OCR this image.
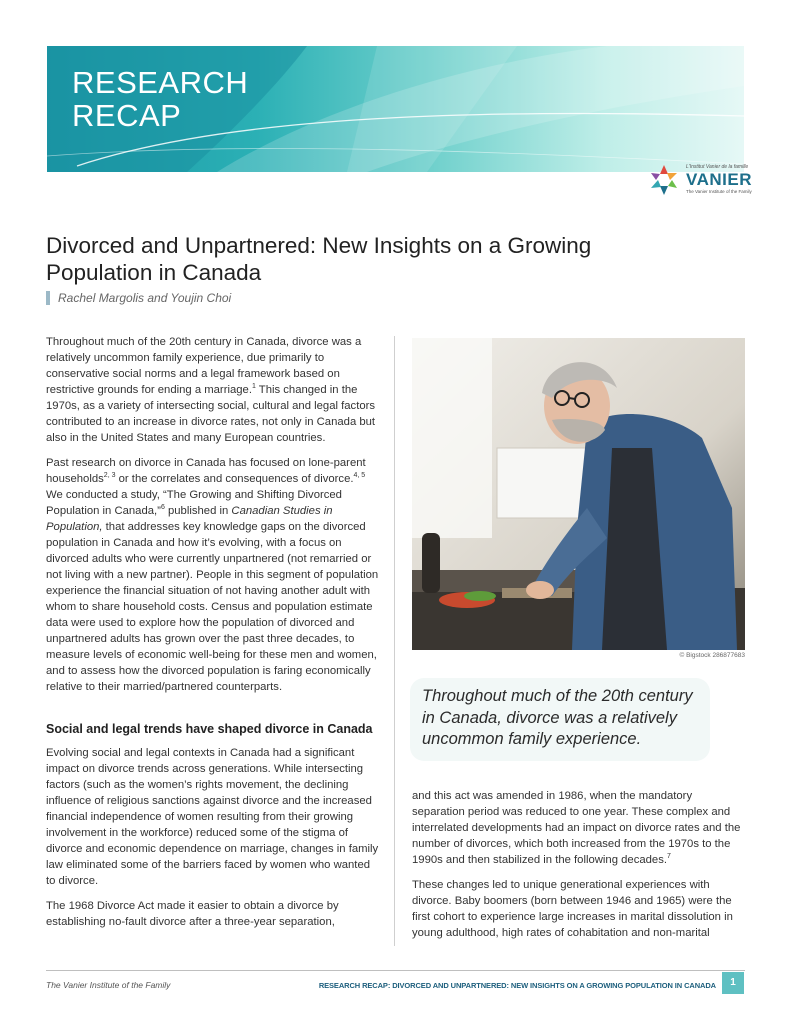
RESEARCH
RECAP
L'Institut Vanier de la famille
VANIER
The Vanier Institute of the Family
Divorced and Unpartnered: New Insights on a Growing Population in Canada
Rachel Margolis and Youjin Choi

Throughout much of the 20th century in Canada, divorce was a relatively uncommon family experience, due primarily to conservative social norms and a legal framework based on restrictive grounds for ending a marriage.$^1$ This changed in the 1970s, as a variety of intersecting social, cultural and legal factors contributed to an increase in divorce rates, not only in Canada but also in the United States and many European countries.

Past research on divorce in Canada has focused on lone-parent households$^{2, 3}$ or the correlates and consequences of divorce.$^{4, 5}$ We conducted a study, “The Growing and Shifting Divorced Population in Canada,”$^6$ published in Canadian Studies in Population, that addresses key knowledge gaps on the divorced population in Canada and how it’s evolving, with a focus on divorced adults who were currently unpartnered (not remarried or not living with a new partner). People in this segment of population experience the financial situation of not having another adult with whom to share household costs. Census and population estimate data were used to explore how the population of divorced and unpartnered adults has grown over the past three decades, to measure levels of economic well-being for these men and women, and to assess how the divorced population is faring economically relative to their married/partnered counterparts.

Social and legal trends have shaped divorce in Canada

Evolving social and legal contexts in Canada had a significant impact on divorce trends across generations. While intersecting factors (such as the women’s rights movement, the declining influence of religious sanctions against divorce and the increased financial independence of women resulting from their growing involvement in the workforce) reduced some of the stigma of divorce and economic dependence on marriage, changes in family law eliminated some of the barriers faced by women who wanted to divorce.

The 1968 Divorce Act made it easier to obtain a divorce by establishing no-fault divorce after a three-year separation,

© Bigstock 286877683
Throughout much of the 20th century in Canada, divorce was a relatively uncommon family experience.

and this act was amended in 1986, when the mandatory separation period was reduced to one year. These complex and interrelated developments had an impact on divorce rates and the number of divorces, which both increased from the 1970s to the 1990s and then stabilized in the following decades.$^7$

These changes led to unique generational experiences with divorce. Baby boomers (born between 1946 and 1965) were the first cohort to experience large increases in marital dissolution in young adulthood, high rates of cohabitation and non-marital

The Vanier Institute of the Family	RESEARCH RECAP: DIVORCED AND UNPARTNERED: NEW INSIGHTS ON A GROWING POPULATION IN CANADA	1
